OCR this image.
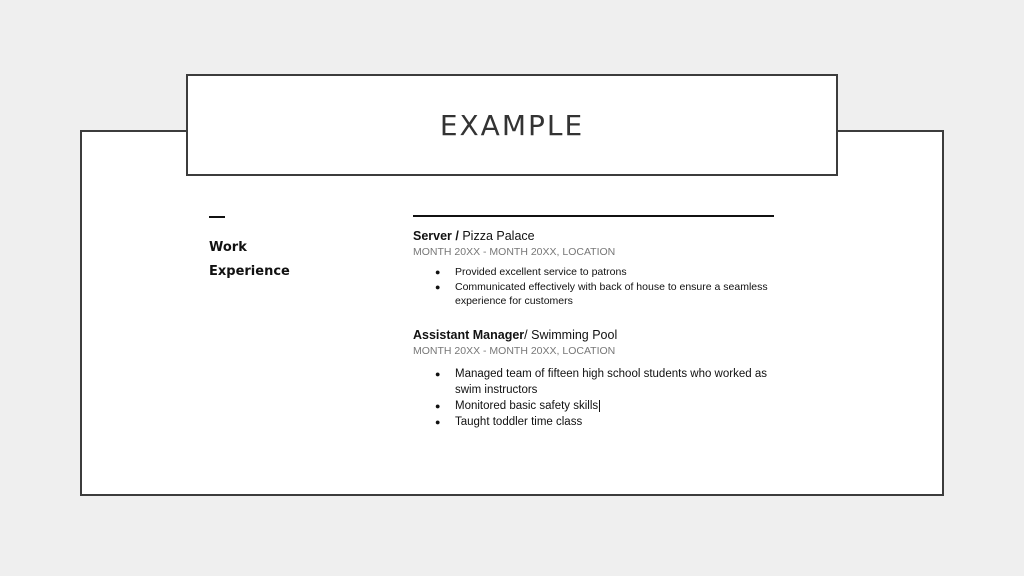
EXAMPLE
Work
Experience
Server / Pizza Palace
MONTH 20XX - MONTH 20XX, LOCATION
● Provided excellent service to patrons
● Communicated effectively with back of house to ensure a seamless experience for customers
Assistant Manager/ Swimming Pool
MONTH 20XX - MONTH 20XX, LOCATION
● Managed team of fifteen high school students who worked as swim instructors
● Monitored basic safety skills
● Taught toddler time class
